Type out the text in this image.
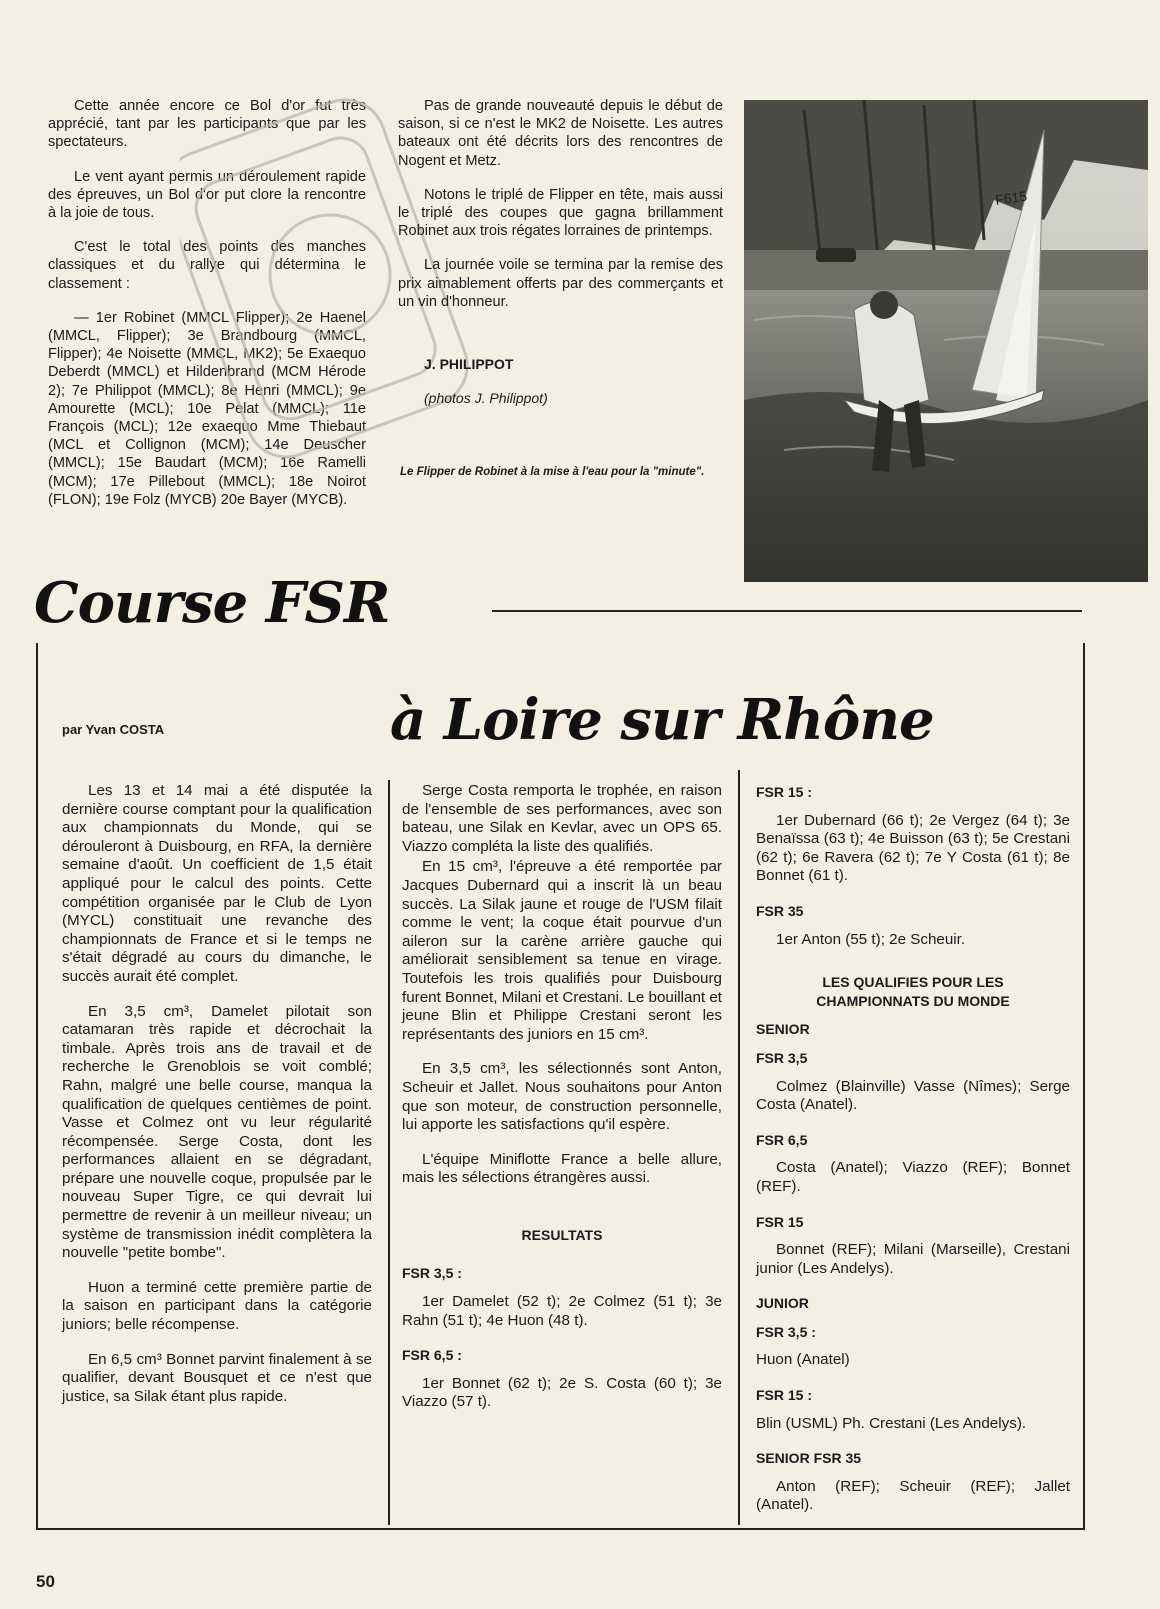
Cette année encore ce Bol d'or fut très apprécié, tant par les participants que par les spectateurs.

Le vent ayant permis un déroulement rapide des épreuves, un Bol d'or put clore la rencontre à la joie de tous.

C'est le total des points des manches classiques et du rallye qui détermina le classement :

— 1er Robinet (MMCL Flipper); 2e Haenel (MMCL, Flipper); 3e Brandbourg (MMCL, Flipper); 4e Noisette (MMCL, MK2); 5e Exaequo Deberdt (MMCL) et Hildenbrand (MCM Hérode 2); 7e Philippot (MMCL); 8e Henri (MMCL); 9e Amourette (MCL); 10e Pelat (MMCL); 11e François (MCL); 12e exaequo Mme Thiebaut (MCL et Collignon (MCM); 14e Deuscher (MMCL); 15e Baudart (MCM); 16e Ramelli (MCM); 17e Pillebout (MMCL); 18e Noirot (FLON); 19e Folz (MYCB) 20e Bayer (MYCB).

Pas de grande nouveauté depuis le début de saison, si ce n'est le MK2 de Noisette. Les autres bateaux ont été décrits lors des rencontres de Nogent et Metz.

Notons le triplé de Flipper en tête, mais aussi le triplé des coupes que gagna brillamment Robinet aux trois régates lorraines de printemps.

La journée voile se termina par la remise des prix aimablement offerts par des commerçants et un vin d'honneur.

J. PHILIPPOT

(photos J. Philippot)

Le Flipper de Robinet à la mise à l'eau pour la "minute".
F615
Course FSR
à Loire sur Rhône
par Yvan COSTA

Les 13 et 14 mai a été disputée la dernière course comptant pour la qualification aux championnats du Monde, qui se dérouleront à Duisbourg, en RFA, la dernière semaine d'août. Un coefficient de 1,5 était appliqué pour le calcul des points. Cette compétition organisée par le Club de Lyon (MYCL) constituait une revanche des championnats de France et si le temps ne s'était dégradé au cours du dimanche, le succès aurait été complet.

En 3,5 cm³, Damelet pilotait son catamaran très rapide et décrochait la timbale. Après trois ans de travail et de recherche le Grenoblois se voit comblé; Rahn, malgré une belle course, manqua la qualification de quelques centièmes de point. Vasse et Colmez ont vu leur régularité récompensée. Serge Costa, dont les performances allaient en se dégradant, prépare une nouvelle coque, propulsée par le nouveau Super Tigre, ce qui devrait lui permettre de revenir à un meilleur niveau; un système de transmission inédit complètera la nouvelle "petite bombe".

Huon a terminé cette première partie de la saison en participant dans la catégorie juniors; belle récompense.

En 6,5 cm³ Bonnet parvint finalement à se qualifier, devant Bousquet et ce n'est que justice, sa Silak étant plus rapide.

Serge Costa remporta le trophée, en raison de l'ensemble de ses performances, avec son bateau, une Silak en Kevlar, avec un OPS 65. Viazzo compléta la liste des qualifiés.

En 15 cm³, l'épreuve a été remportée par Jacques Dubernard qui a inscrit là un beau succès. La Silak jaune et rouge de l'USM filait comme le vent; la coque était pourvue d'un aileron sur la carène arrière gauche qui améliorait sensiblement sa tenue en virage. Toutefois les trois qualifiés pour Duisbourg furent Bonnet, Milani et Crestani. Le bouillant et jeune Blin et Philippe Crestani seront les représentants des juniors en 15 cm³.

En 3,5 cm³, les sélectionnés sont Anton, Scheuir et Jallet. Nous souhaitons pour Anton que son moteur, de construction personnelle, lui apporte les satisfactions qu'il espère.

L'équipe Miniflotte France a belle allure, mais les sélections étrangères aussi.

RESULTATS
FSR 3,5 :

1er Damelet (52 t); 2e Colmez (51 t); 3e Rahn (51 t); 4e Huon (48 t).

FSR 6,5 :

1er Bonnet (62 t); 2e S. Costa (60 t); 3e Viazzo (57 t).

FSR 15 :

1er Dubernard (66 t); 2e Vergez (64 t); 3e Benaïssa (63 t); 4e Buisson (63 t); 5e Crestani (62 t); 6e Ravera (62 t); 7e Y Costa (61 t); 8e Bonnet (61 t).

FSR 35

1er Anton (55 t); 2e Scheuir.

LES QUALIFIES POUR LES CHAMPIONNATS DU MONDE
SENIOR
FSR 3,5

Colmez (Blainville) Vasse (Nîmes); Serge Costa (Anatel).

FSR 6,5

Costa (Anatel); Viazzo (REF); Bonnet (REF).

FSR 15

Bonnet (REF); Milani (Marseille), Crestani junior (Les Andelys).

JUNIOR
FSR 3,5 :

Huon (Anatel)

FSR 15 :

Blin (USML) Ph. Crestani (Les Andelys).

SENIOR FSR 35

Anton (REF); Scheuir (REF); Jallet (Anatel).

50
